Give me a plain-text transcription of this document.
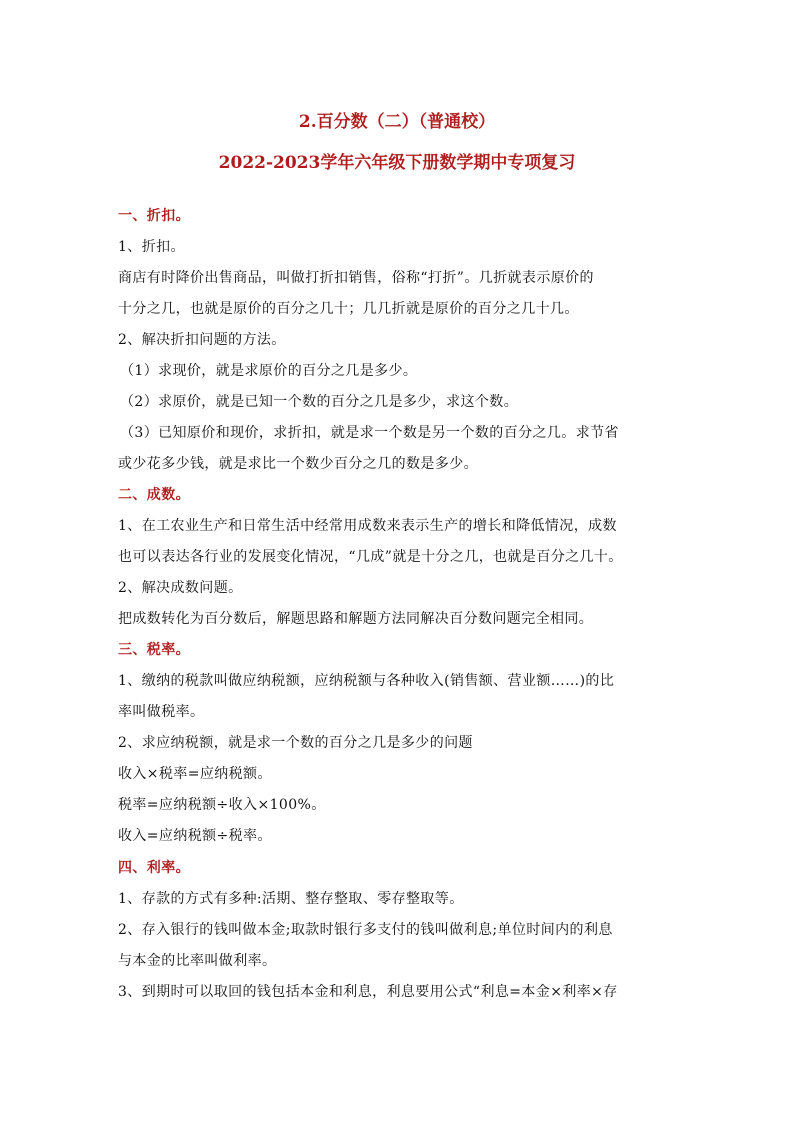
2.百分数（二）（普通校）
2022-2023学年六年级下册数学期中专项复习
一、折扣。
1、折扣。
商店有时降价出售商品，叫做打折扣销售，俗称“打折”。几折就表示原价的
十分之几，也就是原价的百分之几十；几几折就是原价的百分之几十几。
2、解决折扣问题的方法。
（1）求现价，就是求原价的百分之几是多少。
（2）求原价，就是已知一个数的百分之几是多少，求这个数。
（3）已知原价和现价，求折扣，就是求一个数是另一个数的百分之几。求节省
或少花多少钱，就是求比一个数少百分之几的数是多少。
二、成数。
1、在工农业生产和日常生活中经常用成数来表示生产的增长和降低情况，成数
也可以表达各行业的发展变化情况，“几成”就是十分之几，也就是百分之几十。
2、解决成数问题。
把成数转化为百分数后，解题思路和解题方法同解决百分数问题完全相同。
三、税率。
1、缴纳的税款叫做应纳税额，应纳税额与各种收入(销售额、营业额……)的比
率叫做税率。
2、求应纳税额，就是求一个数的百分之几是多少的问题
收入×税率=应纳税额。
税率=应纳税额÷收入×100%。
收入=应纳税额÷税率。
四、利率。
1、存款的方式有多种:活期、整存整取、零存整取等。
2、存入银行的钱叫做本金;取款时银行多支付的钱叫做利息;单位时间内的利息
与本金的比率叫做利率。
3、到期时可以取回的钱包括本金和利息，利息要用公式“利息=本金×利率×存
